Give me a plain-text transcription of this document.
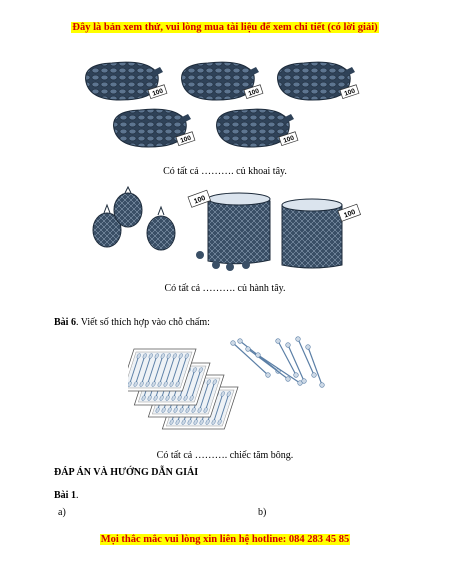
Đây là bản xem thử, vui lòng mua tài liệu để xem chi tiết (có lời giải)
100	100	100
100	100
Có tất cả ………. củ khoai tây.
100
100
Có tất cả ………. củ hành tây.
Bài 6. Viết số thích hợp vào chỗ chấm:
Có tất cả ………. chiếc tăm bông.
ĐÁP ÁN VÀ HƯỚNG DẪN GIẢI
Bài 1.
a)	b)
Mọi thắc mắc vui lòng xin liên hệ hotline: 084 283 45 85
